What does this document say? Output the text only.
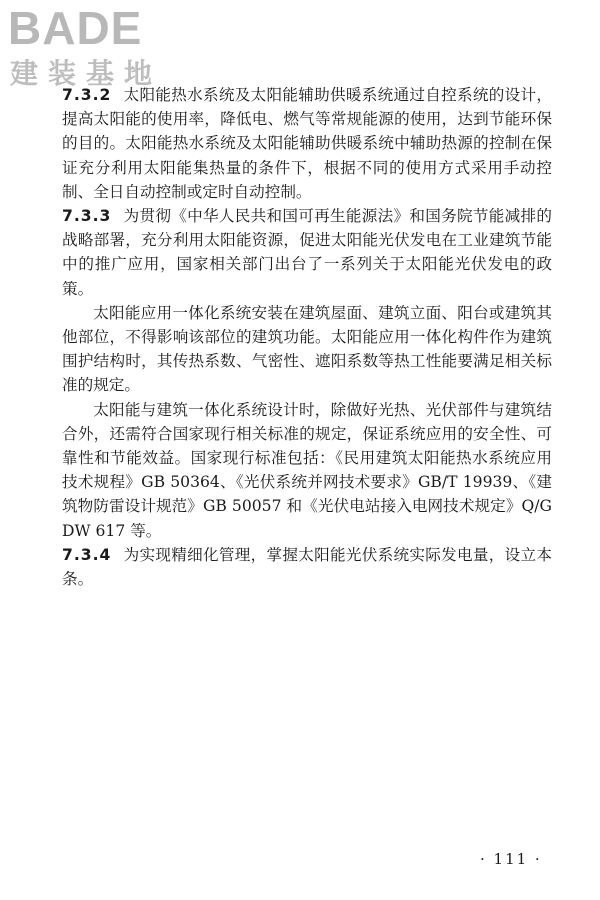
BADE
建装基地

7.3.2 太阳能热水系统及太阳能辅助供暖系统通过自控系统的设计，提高太阳能的使用率，降低电、燃气等常规能源的使用，达到节能环保的目的。太阳能热水系统及太阳能辅助供暖系统中辅助热源的控制在保证充分利用太阳能集热量的条件下，根据不同的使用方式采用手动控制、全日自动控制或定时自动控制。

7.3.3 为贯彻《中华人民共和国可再生能源法》和国务院节能减排的战略部署，充分利用太阳能资源，促进太阳能光伏发电在工业建筑节能中的推广应用，国家相关部门出台了一系列关于太阳能光伏发电的政策。

太阳能应用一体化系统安装在建筑屋面、建筑立面、阳台或建筑其他部位，不得影响该部位的建筑功能。太阳能应用一体化构件作为建筑围护结构时，其传热系数、气密性、遮阳系数等热工性能要满足相关标准的规定。

太阳能与建筑一体化系统设计时，除做好光热、光伏部件与建筑结合外，还需符合国家现行相关标准的规定，保证系统应用的安全性、可靠性和节能效益。国家现行标准包括：《民用建筑太阳能热水系统应用技术规程》GB 50364、《光伏系统并网技术要求》GB/T 19939、《建筑物防雷设计规范》GB 50057 和《光伏电站接入电网技术规定》Q/GDW 617 等。

7.3.4 为实现精细化管理，掌握太阳能光伏系统实际发电量，设立本条。

· 111 ·
